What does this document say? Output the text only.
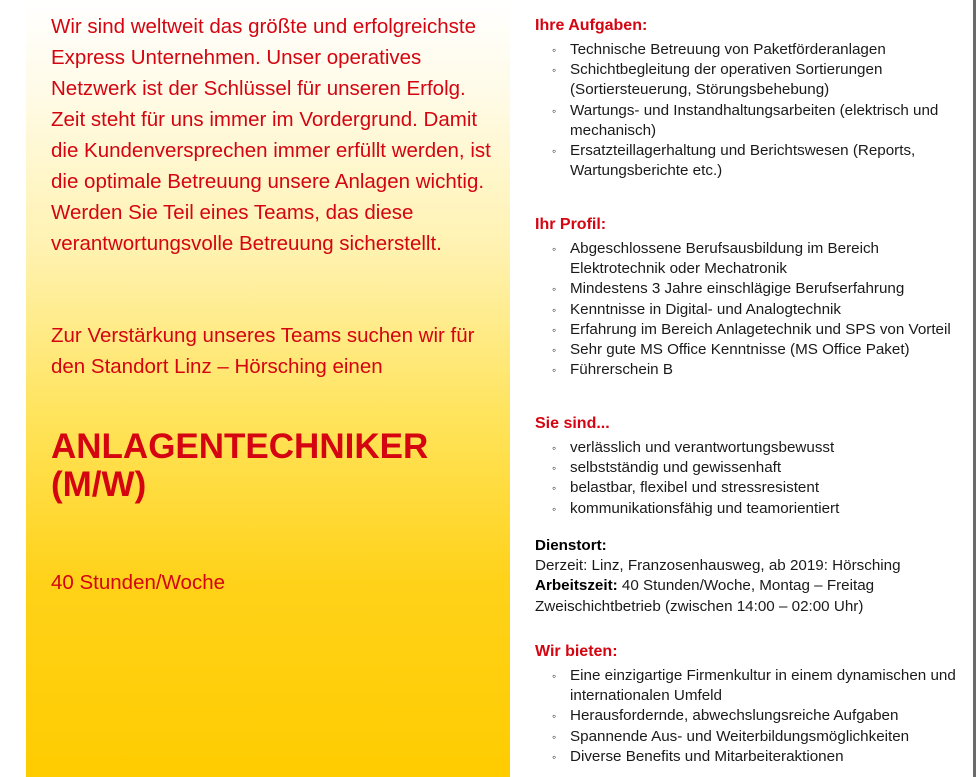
Wir sind weltweit das größte und erfolgreichste Express Unternehmen. Unser operatives Netzwerk ist der Schlüssel für unseren Erfolg. Zeit steht für uns immer im Vordergrund. Damit die Kundenversprechen immer erfüllt werden, ist die optimale Betreuung unsere Anlagen wichtig. Werden Sie Teil eines Teams, das diese verantwortungsvolle Betreuung sicherstellt.

Zur Verstärkung unseres Teams suchen wir für den Standort Linz – Hörsching einen

ANLAGENTECHNIKER (M/W)

40 Stunden/Woche

Ihre Aufgaben:

◦ Technische Betreuung von Paketförderanlagen
◦ Schichtbegleitung der operativen Sortierungen (Sortiersteuerung, Störungsbehebung)
◦ Wartungs- und Instandhaltungsarbeiten (elektrisch und mechanisch)
◦ Ersatzteillagerhaltung und Berichtswesen (Reports, Wartungsberichte etc.)

Ihr Profil:

◦ Abgeschlossene Berufsausbildung im Bereich Elektrotechnik oder Mechatronik
◦ Mindestens 3 Jahre einschlägige Berufserfahrung
◦ Kenntnisse in Digital- und Analogtechnik
◦ Erfahrung im Bereich Anlagetechnik und SPS von Vorteil
◦ Sehr gute MS Office Kenntnisse (MS Office Paket)
◦ Führerschein B

Sie sind...

◦ verlässlich und verantwortungsbewusst
◦ selbstständig und gewissenhaft
◦ belastbar, flexibel und stressresistent
◦ kommunikationsfähig und teamorientiert
Dienstort:
Derzeit: Linz, Franzosenhausweg, ab 2019: Hörsching
Arbeitszeit: 40 Stunden/Woche, Montag – Freitag
Zweischichtbetrieb (zwischen 14:00 – 02:00 Uhr)

Wir bieten:

◦ Eine einzigartige Firmenkultur in einem dynamischen und internationalen Umfeld
◦ Herausfordernde, abwechslungsreiche Aufgaben
◦ Spannende Aus- und Weiterbildungsmöglichkeiten
◦ Diverse Benefits und Mitarbeiteraktionen
